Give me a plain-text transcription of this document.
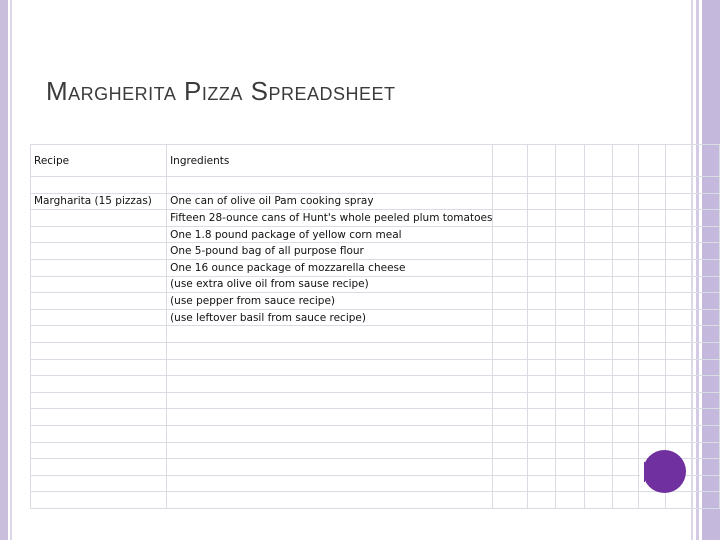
Margherita Pizza Spreadsheet
Recipe	Ingredients								

Margharita (15 pizzas)	One can of olive oil Pam cooking spray								
	Fifteen 28-ounce cans of Hunt's whole peeled plum tomatoes								
	One 1.8 pound package of yellow corn meal								
	One 5-pound bag of all purpose flour								
	One 16 ounce package of mozzarella cheese								
	(use extra olive oil from sause recipe)								
	(use pepper from sauce recipe)								
	(use leftover basil from sauce recipe)								
